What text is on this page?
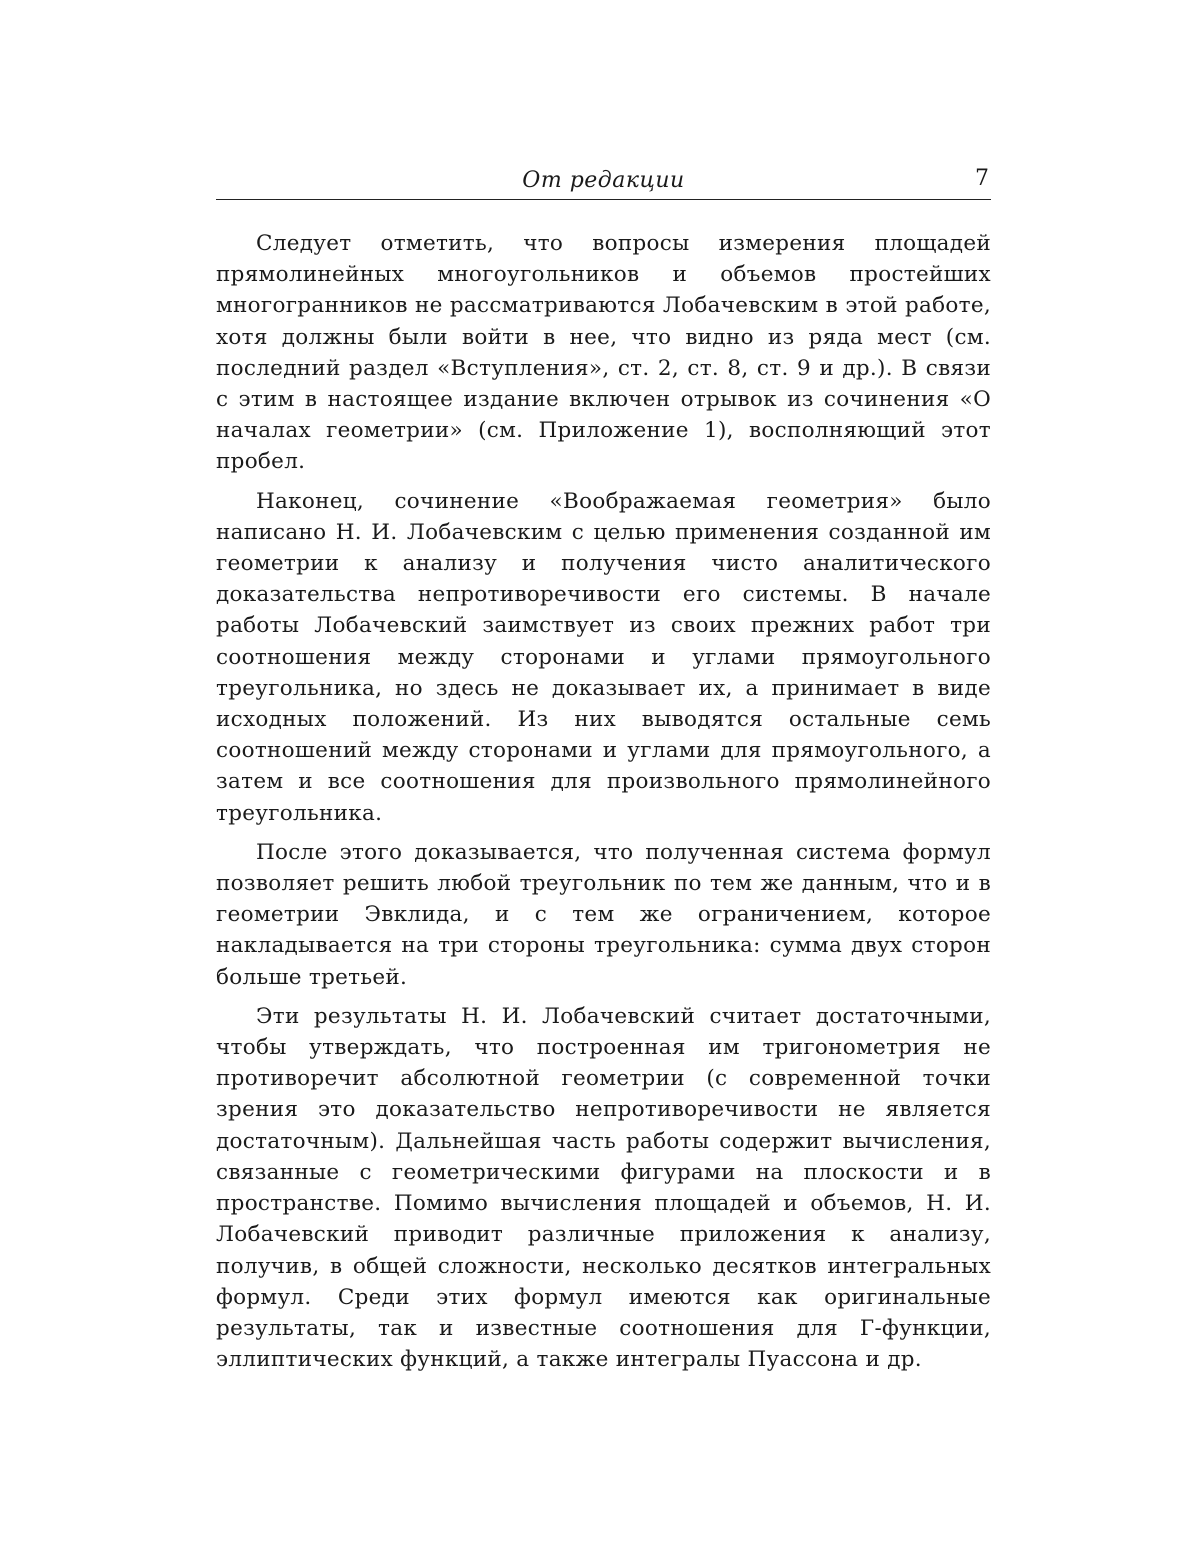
От редакции	7

Следует отметить, что вопросы измерения площадей прямолинейных многоугольников и объемов простейших многогранников не рассматриваются Лобачевским в этой работе, хотя должны были войти в нее, что видно из ряда мест (см. последний раздел «Вступления», ст. 2, ст. 8, ст. 9 и др.). В связи с этим в настоящее издание включен отрывок из сочинения «О началах геометрии» (см. Приложение 1), восполняющий этот пробел.

Наконец, сочинение «Воображаемая геометрия» было написано Н. И. Лобачевским с целью применения созданной им геометрии к анализу и получения чисто аналитического доказательства непротиворечивости его системы. В начале работы Лобачевский заимствует из своих прежних работ три соотношения между сторонами и углами прямоугольного треугольника, но здесь не доказывает их, а принимает в виде исходных положений. Из них выводятся остальные семь соотношений между сторонами и углами для прямоугольного, а затем и все соотношения для произвольного прямолинейного треугольника.

После этого доказывается, что полученная система формул позволяет решить любой треугольник по тем же данным, что и в геометрии Эвклида, и с тем же ограничением, которое накладывается на три стороны треугольника: сумма двух сторон больше третьей.

Эти результаты Н. И. Лобачевский считает достаточными, чтобы утверждать, что построенная им тригонометрия не противоречит абсолютной геометрии (с современной точки зрения это доказательство непротиворечивости не является достаточным). Дальнейшая часть работы содержит вычисления, связанные с геометрическими фигурами на плоскости и в пространстве. Помимо вычисления площадей и объемов, Н. И. Лобачевский приводит различные приложения к анализу, получив, в общей сложности, несколько десятков интегральных формул. Среди этих формул имеются как оригинальные результаты, так и известные соотношения для Г-функции, эллиптических функций, а также интегралы Пуассона и др.
